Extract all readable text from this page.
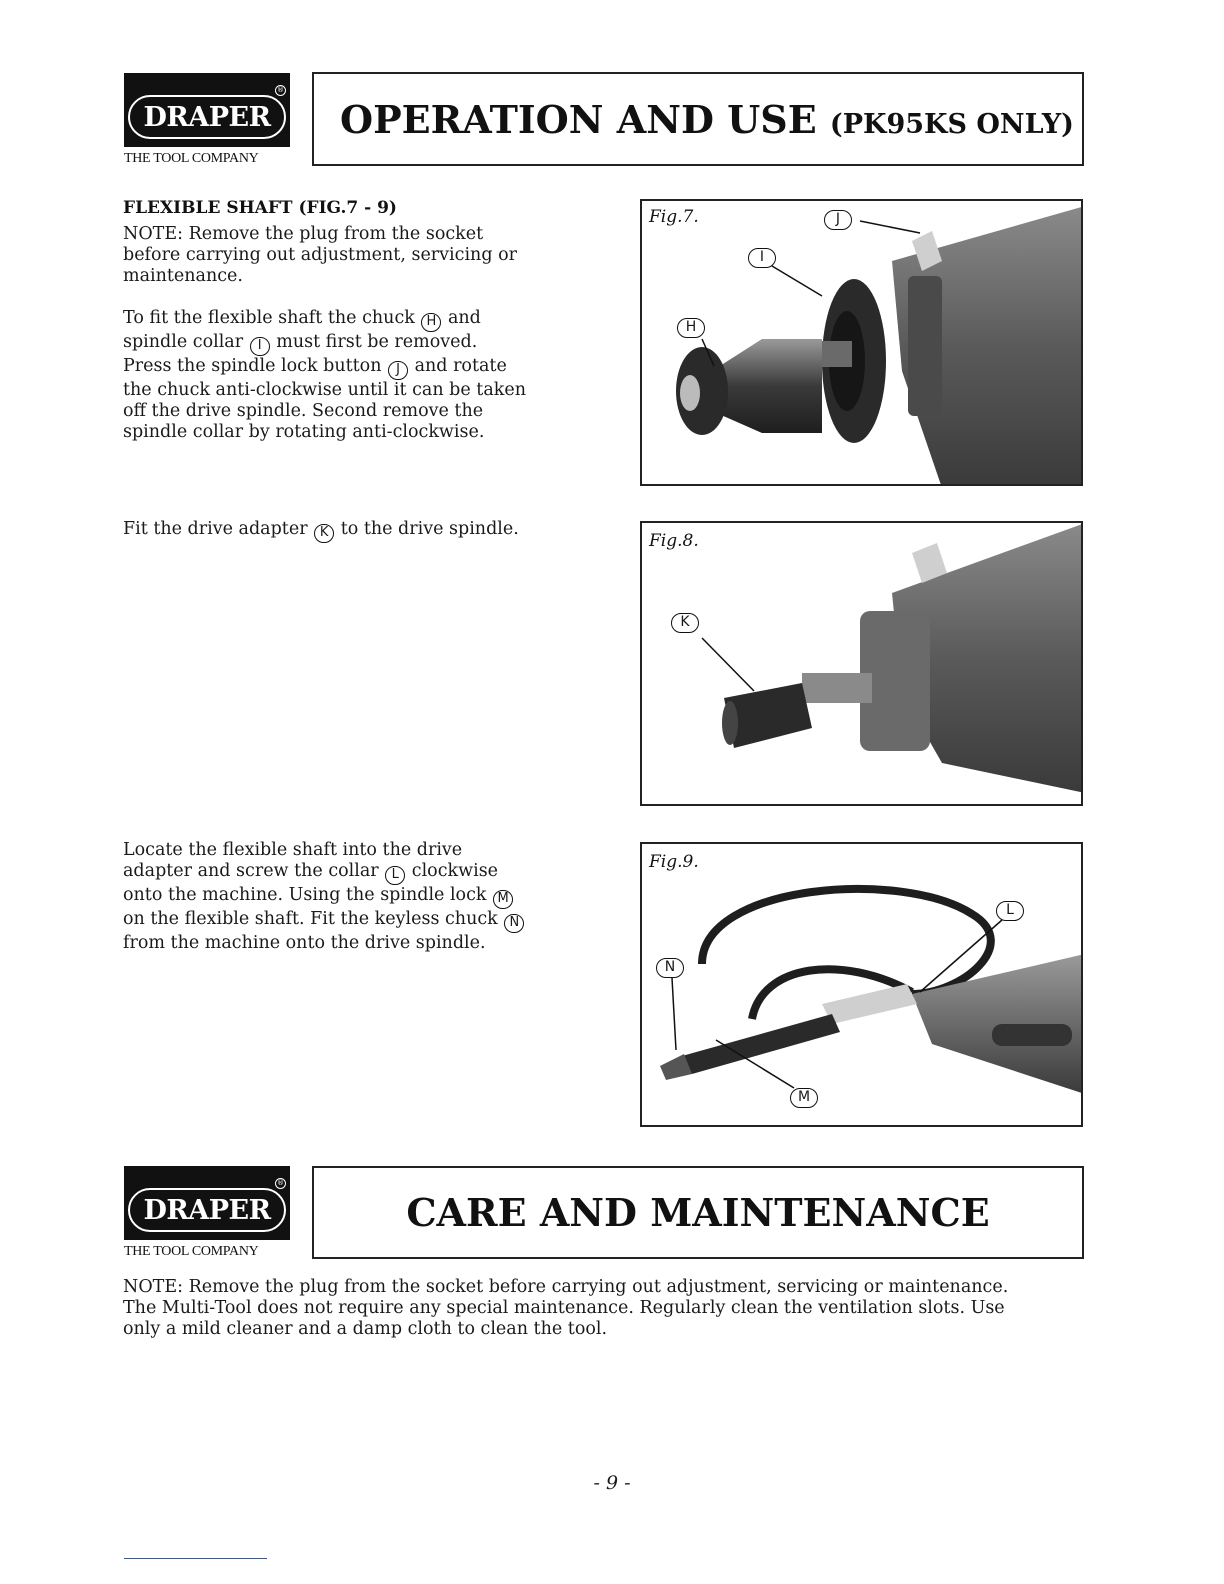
®
DRAPER
THE TOOL COMPANY
OPERATION AND USE (PK95KS ONLY)
FLEXIBLE SHAFT (FIG.7 - 9)

NOTE: Remove the plug from the socket

before carrying out adjustment, servicing or

maintenance.

To fit the flexible shaft the chuck H and

spindle collar I must first be removed.

Press the spindle lock button J and rotate

the chuck anti-clockwise until it can be taken

off the drive spindle. Second remove the

spindle collar by rotating anti-clockwise.

Fit the drive adapter K to the drive spindle.

Locate the flexible shaft into the drive

adapter and screw the collar L clockwise

onto the machine. Using the spindle lock M

on the flexible shaft. Fit the keyless chuck N

from the machine onto the drive spindle.

Fig.7.	J
I
H
Fig.8.
K
Fig.9.
L
N
M
®
DRAPER
THE TOOL COMPANY
CARE AND MAINTENANCE

NOTE: Remove the plug from the socket before carrying out adjustment, servicing or maintenance.

The Multi-Tool does not require any special maintenance. Regularly clean the ventilation slots. Use

only a mild cleaner and a damp cloth to clean the tool.

- 9 -
